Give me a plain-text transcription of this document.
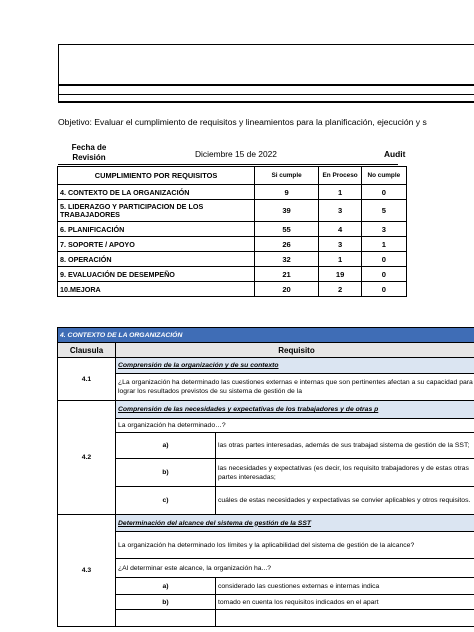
Objetivo: Evaluar el cumplimiento de requisitos y lineamientos para la planificación, ejecución y s
Fecha de Revisión	Diciembre 15 de 2022	Audit
CUMPLIMIENTO POR REQUISITOS	Si cumple	En Proceso	No cumple
4. CONTEXTO DE LA ORGANIZACIÓN	9	1	0
5. LIDERAZGO Y PARTICIPACION DE LOS TRABAJADORES	39	3	5
6. PLANIFICACIÓN	55	4	3
7. SOPORTE / APOYO	26	3	1
8. OPERACIÓN	32	1	0
9. EVALUACIÓN DE DESEMPEÑO	21	19	0
10.MEJORA	20	2	0
4. CONTEXTO DE LA ORGANIZACIÓN		
Clausula	Requisito	
4.1	Comprensión de la organización y de su contexto	
	¿La organización ha determinado las cuestiones externas e internas que son pertinentes afectan a su capacidad para lograr los resultados previstos de su sistema de gestión de la	
4.2	Comprensión de las necesidades y expectativas de los trabajadores y de otras p	
	La organización ha determinado…?	
	a)	las otras partes interesadas, además de sus trabajad sistema de gestión de la SST;
	b)	las necesidades y expectativas (es decir, los requisito trabajadores y de estas otras partes interesadas;
	c)	cuáles de estas necesidades y expectativas se convier aplicables y otros requisitos.
4.3	Determinación del alcance del sistema de gestión de la SST	
	La organización ha determinado los límites y la aplicabilidad del sistema de gestión de la alcance?	
	¿Al determinar este alcance, la organización ha...?	
	a)	considerado las cuestiones externas e internas indica
	b)	tomado en cuenta los requisitos indicados en el apart
